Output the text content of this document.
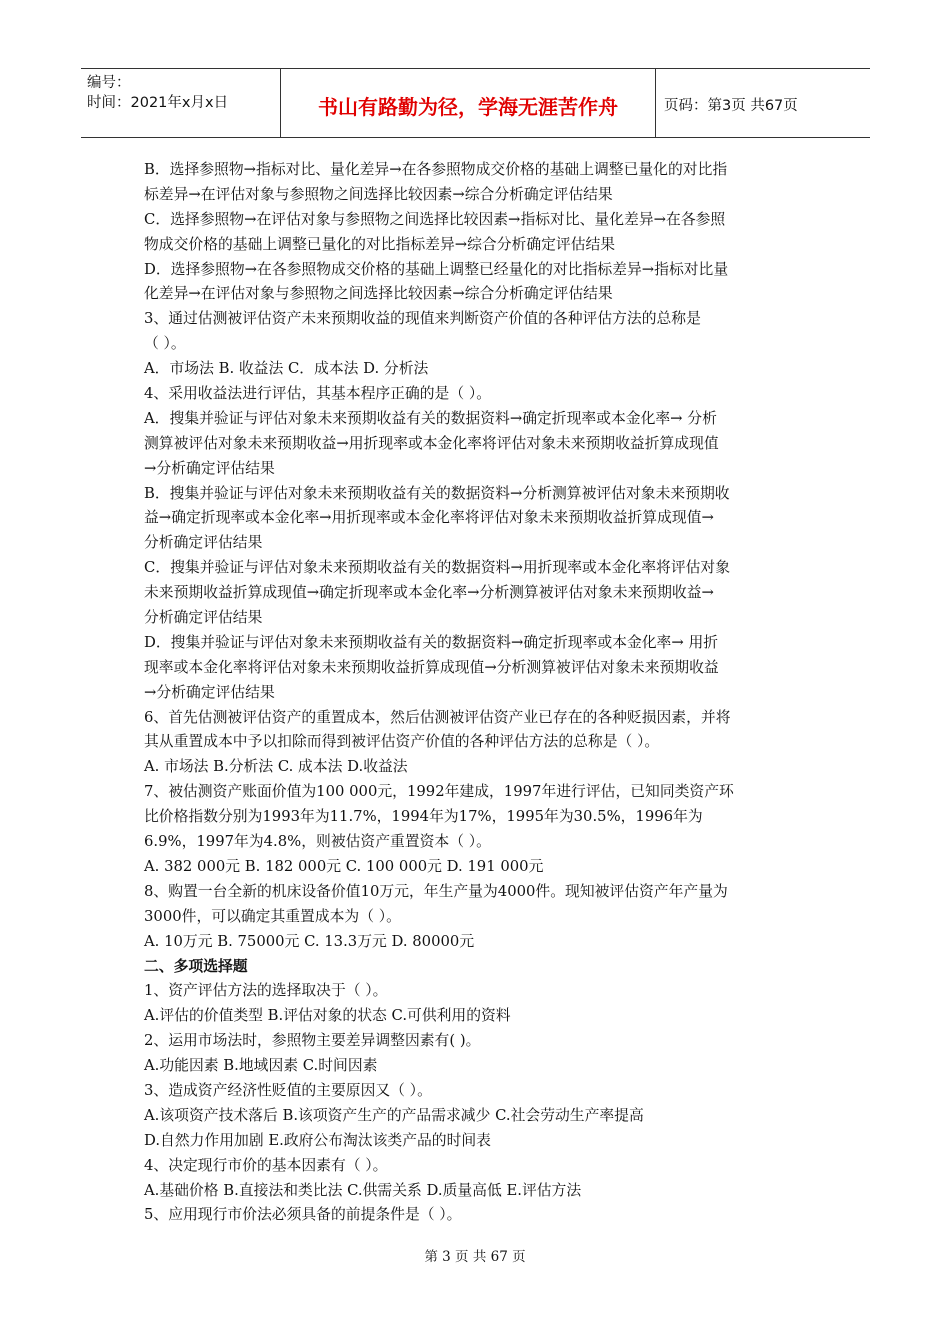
编号：
时间：2021年x月x日	书山有路勤为径，学海无涯苦作舟	页码：第3页 共67页
B．选择参照物→指标对比、量化差异→在各参照物成交价格的基础上调整已量化的对比指
标差异→在评估对象与参照物之间选择比较因素→综合分析确定评估结果
C．选择参照物→在评估对象与参照物之间选择比较因素→指标对比、量化差异→在各参照
物成交价格的基础上调整已量化的对比指标差异→综合分析确定评估结果
D．选择参照物→在各参照物成交价格的基础上调整已经量化的对比指标差异→指标对比量
化差异→在评估对象与参照物之间选择比较因素→综合分析确定评估结果
3、通过估测被评估资产未来预期收益的现值来判断资产价值的各种评估方法的总称是
（ ）。
A．市场法 B. 收益法 C．成本法 D. 分析法
4、采用收益法进行评估，其基本程序正确的是（ ）。
A．搜集并验证与评估对象未来预期收益有关的数据资料→确定折现率或本金化率→ 分析
测算被评估对象未来预期收益→用折现率或本金化率将评估对象未来预期收益折算成现值
→分析确定评估结果
B．搜集并验证与评估对象未来预期收益有关的数据资料→分析测算被评估对象未来预期收
益→确定折现率或本金化率→用折现率或本金化率将评估对象未来预期收益折算成现值→
分析确定评估结果
C．搜集并验证与评估对象未来预期收益有关的数据资料→用折现率或本金化率将评估对象
未来预期收益折算成现值→确定折现率或本金化率→分析测算被评估对象未来预期收益→
分析确定评估结果
D．搜集并验证与评估对象未来预期收益有关的数据资料→确定折现率或本金化率→ 用折
现率或本金化率将评估对象未来预期收益折算成现值→分析测算被评估对象未来预期收益
→分析确定评估结果
6、首先估测被评估资产的重置成本，然后估测被评估资产业已存在的各种贬损因素，并将
其从重置成本中予以扣除而得到被评估资产价值的各种评估方法的总称是（ ）。
A. 市场法 B.分析法 C. 成本法 D.收益法
7、被估测资产账面价值为100 000元，1992年建成，1997年进行评估，已知同类资产环
比价格指数分别为1993年为11.7%，1994年为17%，1995年为30.5%，1996年为
6.9%，1997年为4.8%，则被估资产重置资本（ ）。
A. 382 000元 B. 182 000元 C. 100 000元 D. 191 000元
8、购置一台全新的机床设备价值10万元，年生产量为4000件。现知被评估资产年产量为
3000件，可以确定其重置成本为（ ）。
A. 10万元 B. 75000元 C. 13.3万元 D. 80000元
二、多项选择题
1、资产评估方法的选择取决于（ ）。
A.评估的价值类型 B.评估对象的状态 C.可供利用的资料
2、运用市场法时，参照物主要差异调整因素有( )。
A.功能因素 B.地域因素 C.时间因素
3、造成资产经济性贬值的主要原因又（ ）。
A.该项资产技术落后 B.该项资产生产的产品需求减少 C.社会劳动生产率提高
D.自然力作用加剧 E.政府公布淘汰该类产品的时间表
4、决定现行市价的基本因素有（ ）。
A.基础价格 B.直接法和类比法 C.供需关系 D.质量高低 E.评估方法
5、应用现行市价法必须具备的前提条件是（ ）。
第 3 页 共 67 页
